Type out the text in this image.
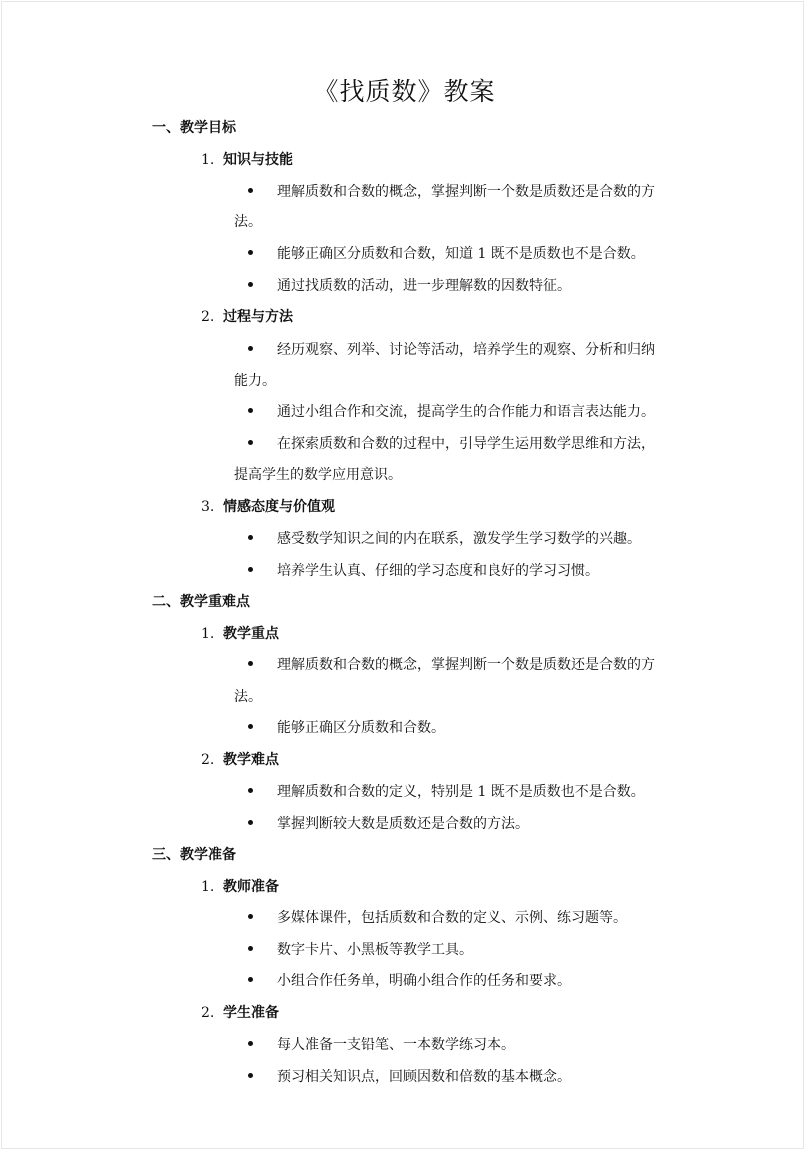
《找质数》教案
一、教学目标
1. 知识与技能
理解质数和合数的概念，掌握判断一个数是质数还是合数的方
法。
能够正确区分质数和合数，知道 1 既不是质数也不是合数。
通过找质数的活动，进一步理解数的因数特征。
2. 过程与方法
经历观察、列举、讨论等活动，培养学生的观察、分析和归纳
能力。
通过小组合作和交流，提高学生的合作能力和语言表达能力。
在探索质数和合数的过程中，引导学生运用数学思维和方法，
提高学生的数学应用意识。
3. 情感态度与价值观
感受数学知识之间的内在联系，激发学生学习数学的兴趣。
培养学生认真、仔细的学习态度和良好的学习习惯。
二、教学重难点
1. 教学重点
理解质数和合数的概念，掌握判断一个数是质数还是合数的方
法。
能够正确区分质数和合数。
2. 教学难点
理解质数和合数的定义，特别是 1 既不是质数也不是合数。
掌握判断较大数是质数还是合数的方法。
三、教学准备
1. 教师准备
多媒体课件，包括质数和合数的定义、示例、练习题等。
数字卡片、小黑板等教学工具。
小组合作任务单，明确小组合作的任务和要求。
2. 学生准备
每人准备一支铅笔、一本数学练习本。
预习相关知识点，回顾因数和倍数的基本概念。
